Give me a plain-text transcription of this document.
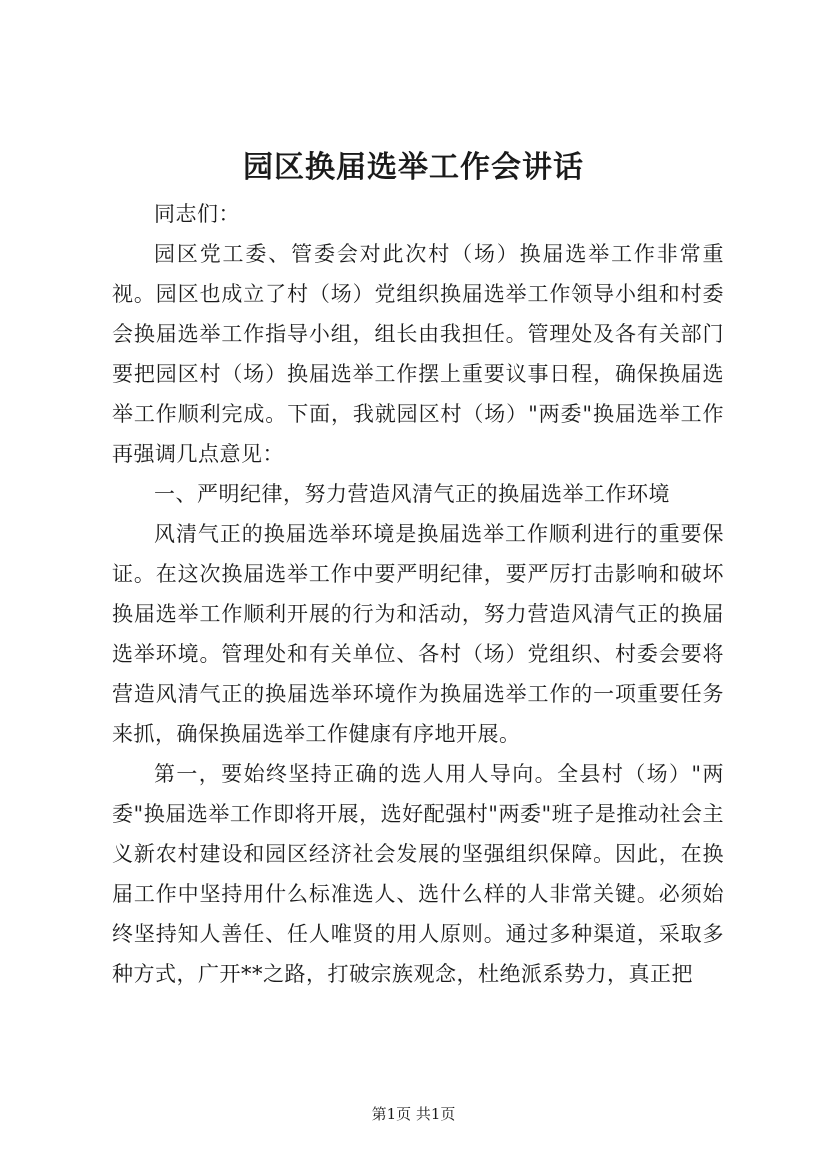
园区换届选举工作会讲话

同志们：

园区党工委、管委会对此次村（场）换届选举工作非常重视。园区也成立了村（场）党组织换届选举工作领导小组和村委会换届选举工作指导小组，组长由我担任。管理处及各有关部门要把园区村（场）换届选举工作摆上重要议事日程，确保换届选举工作顺利完成。下面，我就园区村（场）"两委"换届选举工作再强调几点意见：

一、严明纪律，努力营造风清气正的换届选举工作环境

风清气正的换届选举环境是换届选举工作顺利进行的重要保证。在这次换届选举工作中要严明纪律，要严厉打击影响和破坏换届选举工作顺利开展的行为和活动，努力营造风清气正的换届选举环境。管理处和有关单位、各村（场）党组织、村委会要将营造风清气正的换届选举环境作为换届选举工作的一项重要任务来抓，确保换届选举工作健康有序地开展。

第一，要始终坚持正确的选人用人导向。全县村（场）"两委"换届选举工作即将开展，选好配强村"两委"班子是推动社会主义新农村建设和园区经济社会发展的坚强组织保障。因此，在换届工作中坚持用什么标准选人、选什么样的人非常关键。必须始终坚持知人善任、任人唯贤的用人原则。通过多种渠道，采取多种方式，广开**之路，打破宗族观念，杜绝派系势力，真正把

第1页 共1页
